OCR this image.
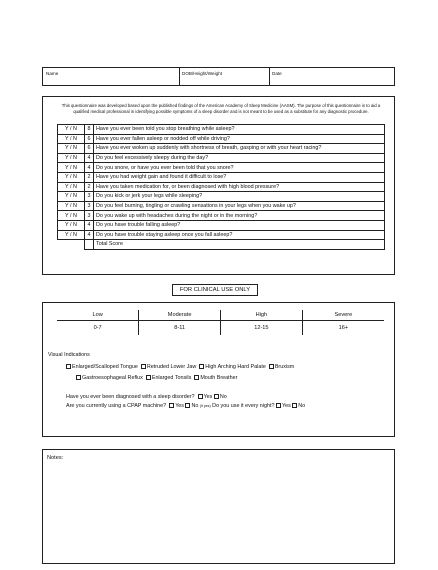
Name	DOB/Height/Weight	Date
This questionnaire was developed based upon the published findings of the American Academy of Sleep Medicine (AASM). The purpose of this questionnaire is to aid a qualified medical professional in identifying possible symptoms of a sleep disorder and is not meant to be used as a substitute for any diagnostic procedure.
Y / N	8	Have you ever been told you stop breathing while asleep?
Y / N	6	Have you ever fallen asleep or nodded off while driving?
Y / N	6	Have you ever woken up suddenly with shortness of breath, gasping or with your heart racing?
Y / N	4	Do you feel excessively sleepy during the day?
Y / N	4	Do you snore, or have you ever been told that you snore?
Y / N	2	Have you had weight gain and found it difficult to lose?
Y / N	2	Have you taken medication for, or been diagnosed with high blood pressure?
Y / N	3	Do you kick or jerk your legs while sleeping?
Y / N	3	Do you feel burning, tingling or crawling sensations in your legs when you wake up?
Y / N	3	Do you wake up with headaches during the night or in the morning?
Y / N	4	Do you have trouble falling asleep?
Y / N	4	Do you have trouble staying asleep once you fall asleep?
		Total Score
FOR CLINICAL USE ONLY
Low	Moderate	High	Severe
0-7	8-11	12-15	16+
Visual Indications
Enlarged/Scalloped Tongue Retruded Lower Jaw High Arching Hard Palate Bruxism
Gastroesophageal Reflux Enlarged Tonsils Mouth Breather
Have you ever been diagnosed with a sleep disorder? Yes No
Are you currently using a CPAP machine? Yes No (if yes) Do you use it every night? Yes No
Notes:
